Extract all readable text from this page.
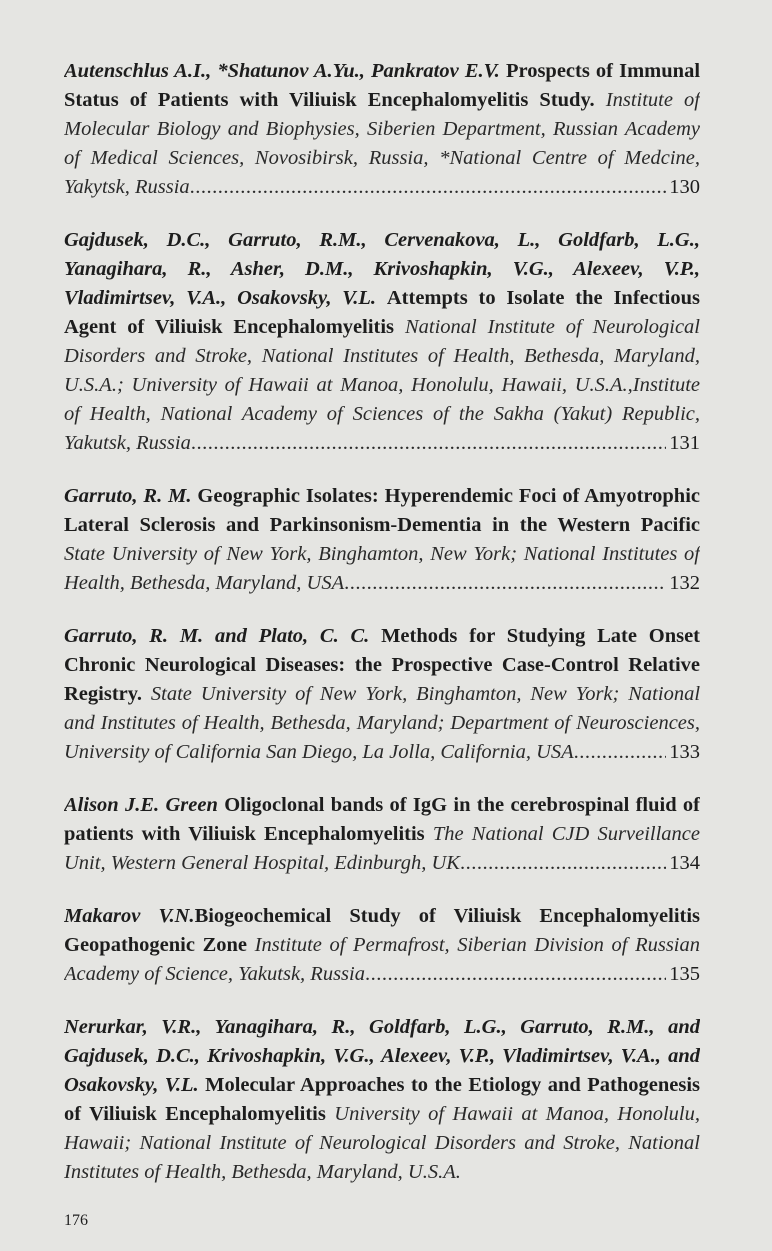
Autenschlus A.I., *Shatunov A.Yu., Pankratov E.V. Prospects of Immunal Status of Patients with Viliuisk Encephalomyelitis Study. Institute of Molecular Biology and Biophysies, Siberien Department, Russian Academy of Medical Sciences, Novosibirsk, Russia, *National Centre of Medcine, Yakytsk, Russia .....	130
Gajdusek, D.C., Garruto, R.M., Cervenakova, L., Goldfarb, L.G., Yanagihara, R., Asher, D.M., Krivoshapkin, V.G., Alexeev, V.P., Vladimirtsev, V.A., Osakovsky, V.L. Attempts to Isolate the Infectious Agent of Viliuisk Encephalomyelitis National Institute of Neurological Disorders and Stroke, National Institutes of Health, Bethesda, Maryland, U.S.A.; University of Hawaii at Manoa, Honolulu, Hawaii, U.S.A.,Institute of Health, National Academy of Sciences of the Sakha (Yakut) Republic, Yakutsk, Russia .....	131
Garruto, R. M. Geographic Isolates: Hyperendemic Foci of Amyotrophic Lateral Sclerosis and Parkinsonism-Dementia in the Western Pacific State University of New York, Binghamton, New York; National Institutes of Health, Bethesda, Maryland, USA .....	132
Garruto, R. M. and Plato, C. C. Methods for Studying Late Onset Chronic Neurological Diseases: the Prospective Case-Control Relative Registry. State University of New York, Binghamton, New York; National and Institutes of Health, Bethesda, Maryland; Department of Neurosciences, University of California San Diego, La Jolla, California, USA .....	133
Alison J.E. Green Oligoclonal bands of IgG in the cerebrospinal fluid of patients with Viliuisk Encephalomyelitis The National CJD Surveillance Unit, Western General Hospital, Edinburgh, UK .....	134
Makarov V.N.Biogeochemical Study of Viliuisk Encephalomyelitis Geopathogenic Zone Institute of Permafrost, Siberian Division of Russian Academy of Science, Yakutsk, Russia .....	135
Nerurkar, V.R., Yanagihara, R., Goldfarb, L.G., Garruto, R.M., and Gajdusek, D.C., Krivoshapkin, V.G., Alexeev, V.P., Vladimirtsev, V.A., and Osakovsky, V.L. Molecular Approaches to the Etiology and Pathogenesis of Viliuisk Encephalomyelitis University of Hawaii at Manoa, Honolulu, Hawaii; National Institute of Neurological Disorders and Stroke, National Institutes of Health, Bethesda, Maryland, U.S.A.
176
